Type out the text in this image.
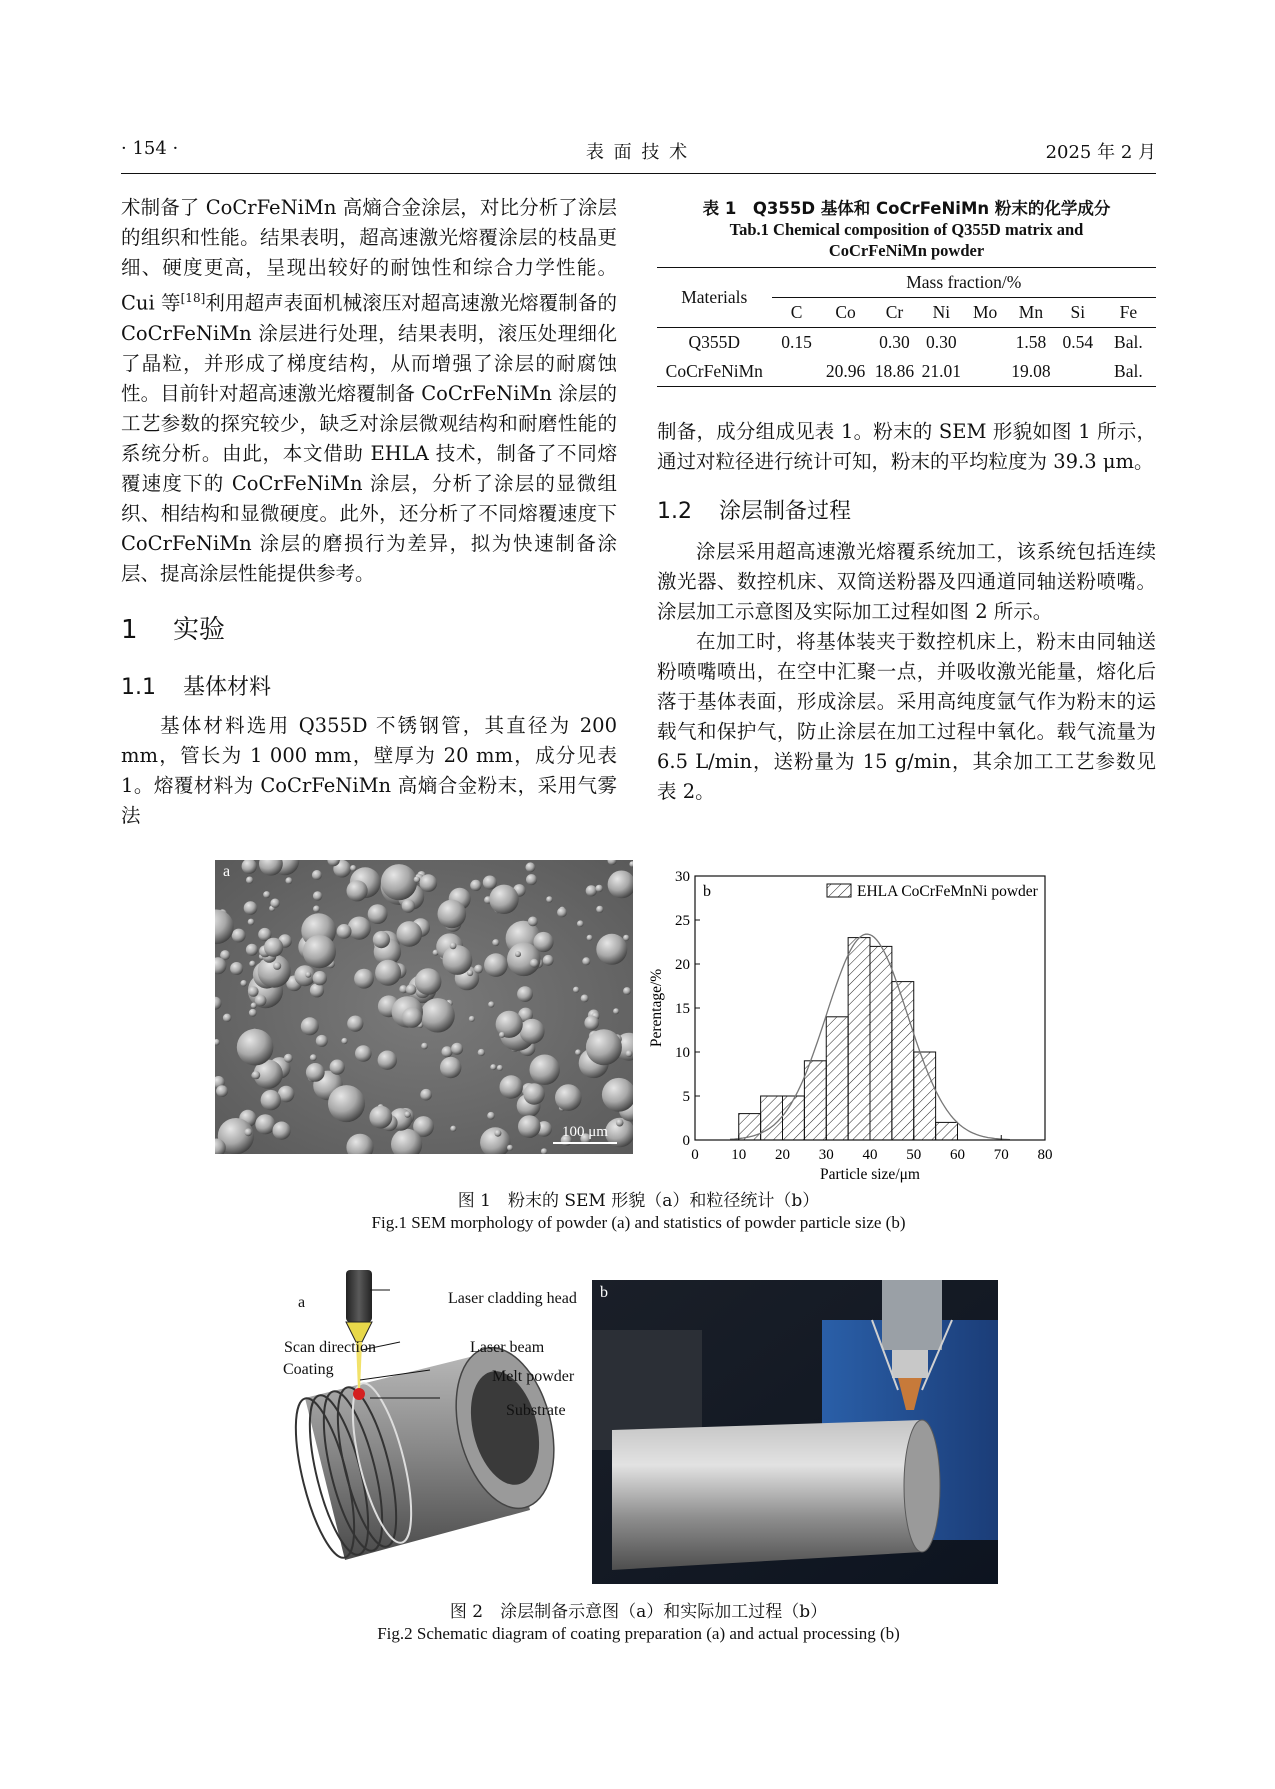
· 154 ·	表 面 技 术	2025 年 2 月

术制备了 CoCrFeNiMn 高熵合金涂层，对比分析了涂层的组织和性能。结果表明，超高速激光熔覆涂层的枝晶更细、硬度更高，呈现出较好的耐蚀性和综合力学性能。Cui 等[18]利用超声表面机械滚压对超高速激光熔覆制备的 CoCrFeNiMn 涂层进行处理，结果表明，滚压处理细化了晶粒，并形成了梯度结构，从而增强了涂层的耐腐蚀性。目前针对超高速激光熔覆制备 CoCrFeNiMn 涂层的工艺参数的探究较少，缺乏对涂层微观结构和耐磨性能的系统分析。由此，本文借助 EHLA 技术，制备了不同熔覆速度下的 CoCrFeNiMn 涂层，分析了涂层的显微组织、相结构和显微硬度。此外，还分析了不同熔覆速度下 CoCrFeNiMn 涂层的磨损行为差异，拟为快速制备涂层、提高涂层性能提供参考。

1 实验
1.1 基体材料

基体材料选用 Q355D 不锈钢管，其直径为 200 mm，管长为 1 000 mm，壁厚为 20 mm，成分见表 1。熔覆材料为 CoCrFeNiMn 高熵合金粉末，采用气雾法

表 1　Q355D 基体和 CoCrFeNiMn 粉末的化学成分
Tab.1 Chemical composition of Q355D matrix and
CoCrFeNiMn powder
Materials	Mass fraction/%							
	C	Co	Cr	Ni	Mo	Mn	Si	Fe
Q355D	0.15		0.30	0.30		1.58	0.54	Bal.
CoCrFeNiMn		20.96	18.86	21.01		19.08		Bal.

制备，成分组成见表 1。粉末的 SEM 形貌如图 1 所示，通过对粒径进行统计可知，粉末的平均粒度为 39.3 μm。

1.2 涂层制备过程

涂层采用超高速激光熔覆系统加工，该系统包括连续激光器、数控机床、双筒送粉器及四通道同轴送粉喷嘴。涂层加工示意图及实际加工过程如图 2 所示。

在加工时，将基体装夹于数控机床上，粉末由同轴送粉喷嘴喷出，在空中汇聚一点，并吸收激光能量，熔化后落于基体表面，形成涂层。采用高纯度氩气作为粉末的运载气和保护气，防止涂层在加工过程中氧化。载气流量为 6.5 L/min，送粉量为 15 g/min，其余加工工艺参数见表 2。

a
100 μm
0 10 20 30 40 50 60 70 80
0
5
10
15
20
25
30
Particle size/μm
Perentage/%
b	EHLA CoCrFeMnNi powder
图 1　粉末的 SEM 形貌（a）和粒径统计（b）
Fig.1 SEM morphology of powder (a) and statistics of powder particle size (b)
a	Laser cladding head
Scan direction
Coating
Laser beam
Melt powder
Substrate
b
图 2　涂层制备示意图（a）和实际加工过程（b）
Fig.2 Schematic diagram of coating preparation (a) and actual processing (b)
